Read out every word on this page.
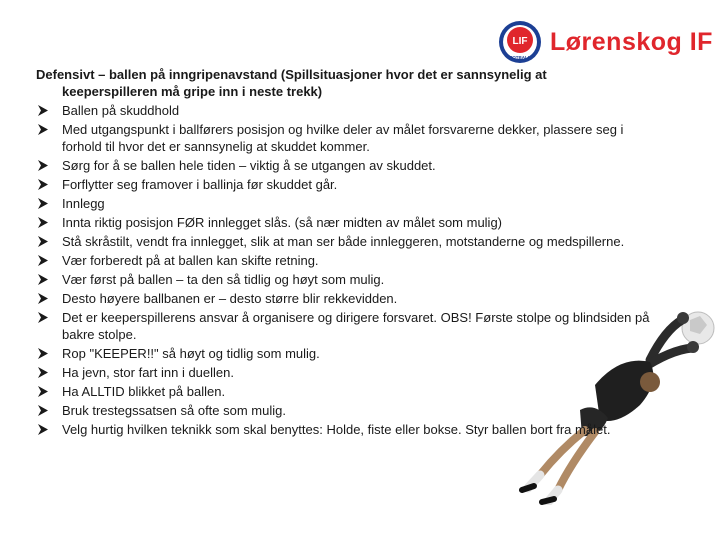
LIF
FOTBALL
Lørenskog IF
Defensivt – ballen på inngripenavstand (Spillsituasjoner hvor det er sannsynelig at
keeperspilleren må gripe inn i neste trekk)
Ballen på skuddhold
Med utgangspunkt i ballførers posisjon og hvilke deler av målet forsvarerne dekker, plassere seg i forhold til hvor det er sannsynelig at skuddet kommer.
Sørg for å se ballen hele tiden – viktig å se utgangen av skuddet.
Forflytter seg framover i ballinja før skuddet går.
Innlegg
Innta riktig posisjon FØR innlegget slås. (så nær midten av målet som mulig)
Stå skråstilt, vendt fra innlegget, slik at man ser både innleggeren, motstanderne og medspillerne.
Vær forberedt på at ballen kan skifte retning.
Vær først på ballen – ta den så tidlig og høyt som mulig.
Desto høyere ballbanen er – desto større blir rekkevidden.
Det er keeperspillerens ansvar å organisere og dirigere forsvaret. OBS! Første stolpe og blindsiden på bakre stolpe.
Rop "KEEPER!!" så høyt og tidlig som mulig.
Ha jevn, stor fart inn i duellen.
Ha ALLTID blikket på ballen.
Bruk trestegssatsen så ofte som mulig.
Velg hurtig hvilken teknikk som skal benyttes: Holde, fiste eller bokse. Styr ballen bort fra målet.
